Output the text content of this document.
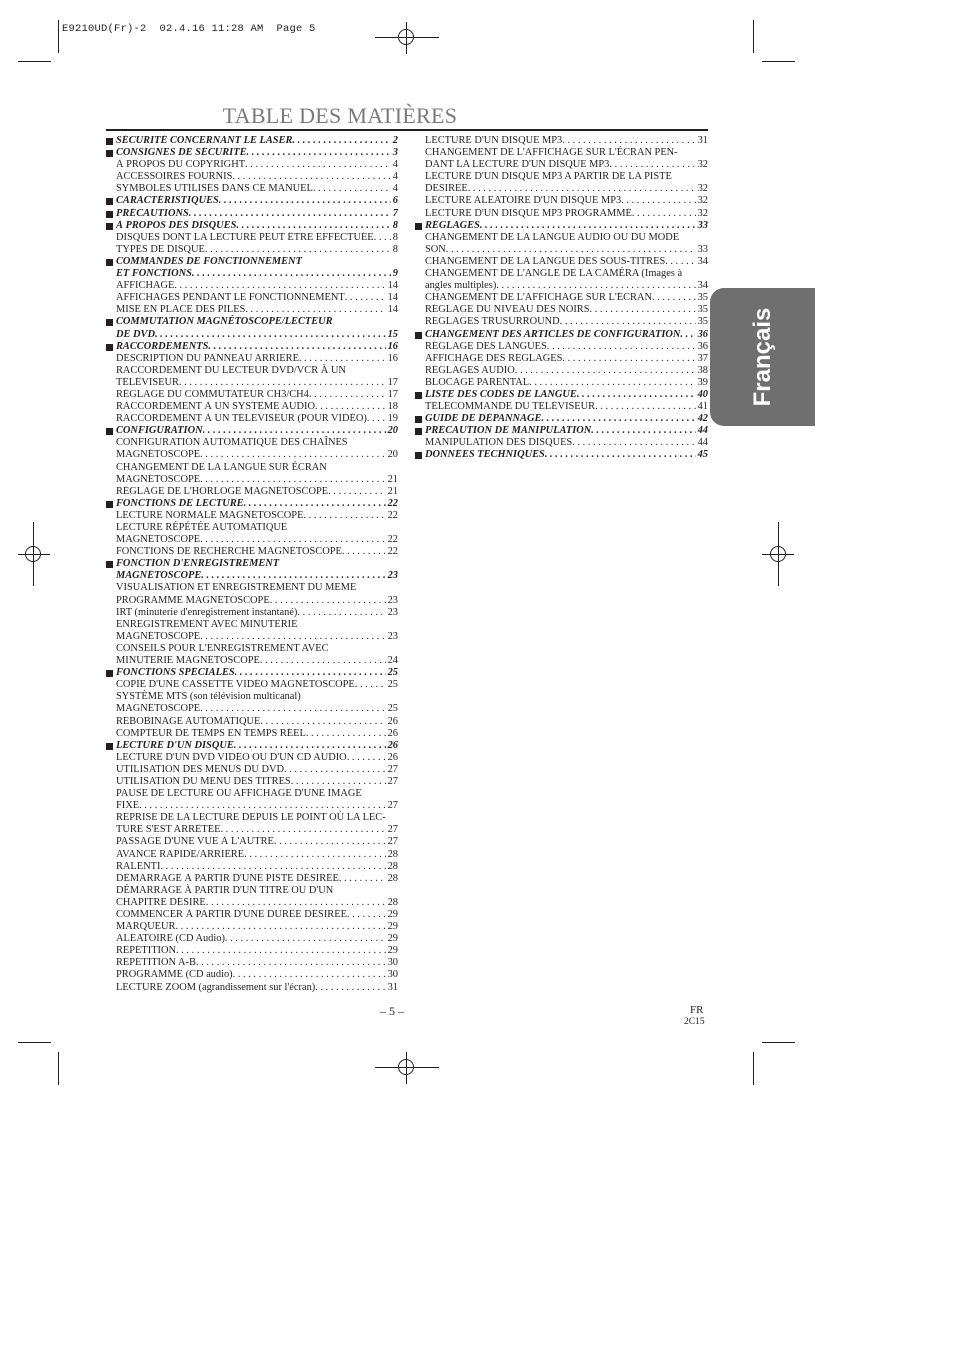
E9210UD(Fr)-2  02.4.16 11:28 AM  Page 5
TABLE DES MATIÈRES
SÉCURITÉ CONCERNANT LE LASER . . .	2
CONSIGNES DE SÉCURITÉ . . .	3
À PROPOS DU COPYRIGHT . . .	4
ACCESSOIRES FOURNIS . . .	4
SYMBOLES UTILISÉS DANS CE MANUEL . . .	4
CARACTÉRISTIQUES . . .	6
PRÉCAUTIONS . . .	7
À PROPOS DES DISQUES . . .	8
DISQUES DONT LA LECTURE PEUT ÊTRE EFFECTUÉE . . . 8
TYPES DE DISQUE . . .	8
COMMANDES DE FONCTIONNEMENT
ET FONCTIONS . . .	9
AFFICHAGE . . .	14
AFFICHAGES PENDANT LE FONCTIONNEMENT . . .	14
MISE EN PLACE DES PILES . . .	14
COMMUTATION MAGNÉTOSCOPE/LECTEUR
DE DVD . . .	15
RACCORDEMENTS . . .	16
DESCRIPTION DU PANNEAU ARRIERE . . .	16
RACCORDEMENT DU LECTEUR DVD/VCR À UN
TÉLÉVISEUR . . .	17
RÉGLAGE DU COMMUTATEUR CH3/CH4 . . .	17
RACCORDEMENT À UN SYSTÈME AUDIO . . .	18
RACCORDEMENT À UN TÉLÉVISEUR (POUR VIDÉO) . . . 19
CONFIGURATION . . .	20
CONFIGURATION AUTOMATIQUE DES CHAÎNES
MAGNÉTOSCOPE . . .	20
CHANGEMENT DE LA LANGUE SUR ÉCRAN
MAGNÉTOSCOPE . . .	21
RÉGLAGE DE L'HORLOGE MAGNÉTOSCOPE . . .	21
FONCTIONS DE LECTURE . . .	22
LECTURE NORMALE MAGNÉTOSCOPE . . .	22
LECTURE RÉPÉTÉE AUTOMATIQUE
MAGNÉTOSCOPE . . .	22
FONCTIONS DE RECHERCHE MAGNÉTOSCOPE . . .	22
FONCTION D'ENREGISTREMENT
MAGNÉTOSCOPE . . .	23
VISUALISATION ET ENREGISTREMENT DU MEME
PROGRAMME MAGNÉTOSCOPE . . .	23
IRT (minuterie d'enregistrement instantané) . . .	23
ENREGISTREMENT AVEC MINUTERIE
MAGNÉTOSCOPE . . .	23
CONSEILS POUR L'ENREGISTREMENT AVEC
MINUTERIE MAGNÉTOSCOPE . . .	24
FONCTIONS SPÉCIALES . . .	25
COPIE D'UNE CASSETTE VIDÉO MAGNÉTOSCOPE . . .	25
SYSTÈME MTS (son télévision multicanal)
MAGNÉTOSCOPE . . .	25
REBOBINAGE AUTOMATIQUE . . .	26
COMPTEUR DE TEMPS EN TEMPS RÉEL . . .	26
LECTURE D'UN DISQUE . . .	26
LECTURE D'UN DVD VIDÉO OU D'UN CD AUDIO . . .	26
UTILISATION DES MENUS DU DVD . . .	27
UTILISATION DU MENU DES TITRES . . .	27
PAUSE DE LECTURE OU AFFICHAGE D'UNE IMAGE
FIXE . . .	27
REPRISE DE LA LECTURE DEPUIS LE POINT OÙ LA LEC-
TURE S'EST ARRÊTÉE . . .	27
PASSAGE D'UNE VUE À L'AUTRE . . .	27
AVANCE RAPIDE/ARRIÈRE . . .	28
RALENTI . . .	28
DÉMARRAGE À PARTIR D'UNE PISTE DÉSIRÉE . . .	28
DÉMARRAGE À PARTIR D'UN TITRE OU D'UN
CHAPITRE DÉSIRÉ . . .	28
COMMENCER À PARTIR D'UNE DURÉE DÉSIRÉE . . .	29
MARQUEUR . . .	29
ALÉATOIRE (CD Audio) . . .	29
RÉPÉTITION . . .	29
RÉPÉTITION A-B . . .	30
PROGRAMME (CD audio) . . .	30
LECTURE ZOOM (agrandissement sur l'écran) . . .	31
LECTURE D'UN DISQUE MP3 . . .	31
CHANGEMENT DE L'AFFICHAGE SUR L'ÉCRAN PEN-
DANT LA LECTURE D'UN DISQUE MP3 . . .	32
LECTURE D'UN DISQUE MP3 A PARTIR DE LA PISTE
DESIREE . . .	32
LECTURE ALEATOIRE D'UN DISQUE MP3 . . .	32
LECTURE D'UN DISQUE MP3 PROGRAMMÉ . . .	32
RÉGLAGES . . .	33
CHANGEMENT DE LA LANGUE AUDIO OU DU MODE
SON . . .	33
CHANGEMENT DE LA LANGUE DES SOUS-TITRES . . .	34
CHANGEMENT DE L'ANGLE DE LA CAMÉRA (Images à
angles multiples) . . .	34
CHANGEMENT DE L'AFFICHAGE SUR L'ÉCRAN . . .	35
RÉGLAGE DU NIVEAU DES NOIRS . . .	35
RÉGLAGES TRUSURROUND . . .	35
CHANGEMENT DES ARTICLES DE CONFIGURATION . . . 36
RÉGLAGE DES LANGUES . . .	36
AFFICHAGE DES RÉGLAGES . . .	37
RÉGLAGES AUDIO . . .	38
BLOCAGE PARENTAL . . .	39
LISTE DES CODES DE LANGUE . . .	40
TÉLÉCOMMANDE DU TÉLÉVISEUR . . .	41
GUIDE DE DÉPANNAGE . . .	42
PRÉCAUTION DE MANIPULATION . . .	44
MANIPULATION DES DISQUES . . .	44
DONNÉES TECHNIQUES . . .	45
Français
– 5 –	FR
2C15
